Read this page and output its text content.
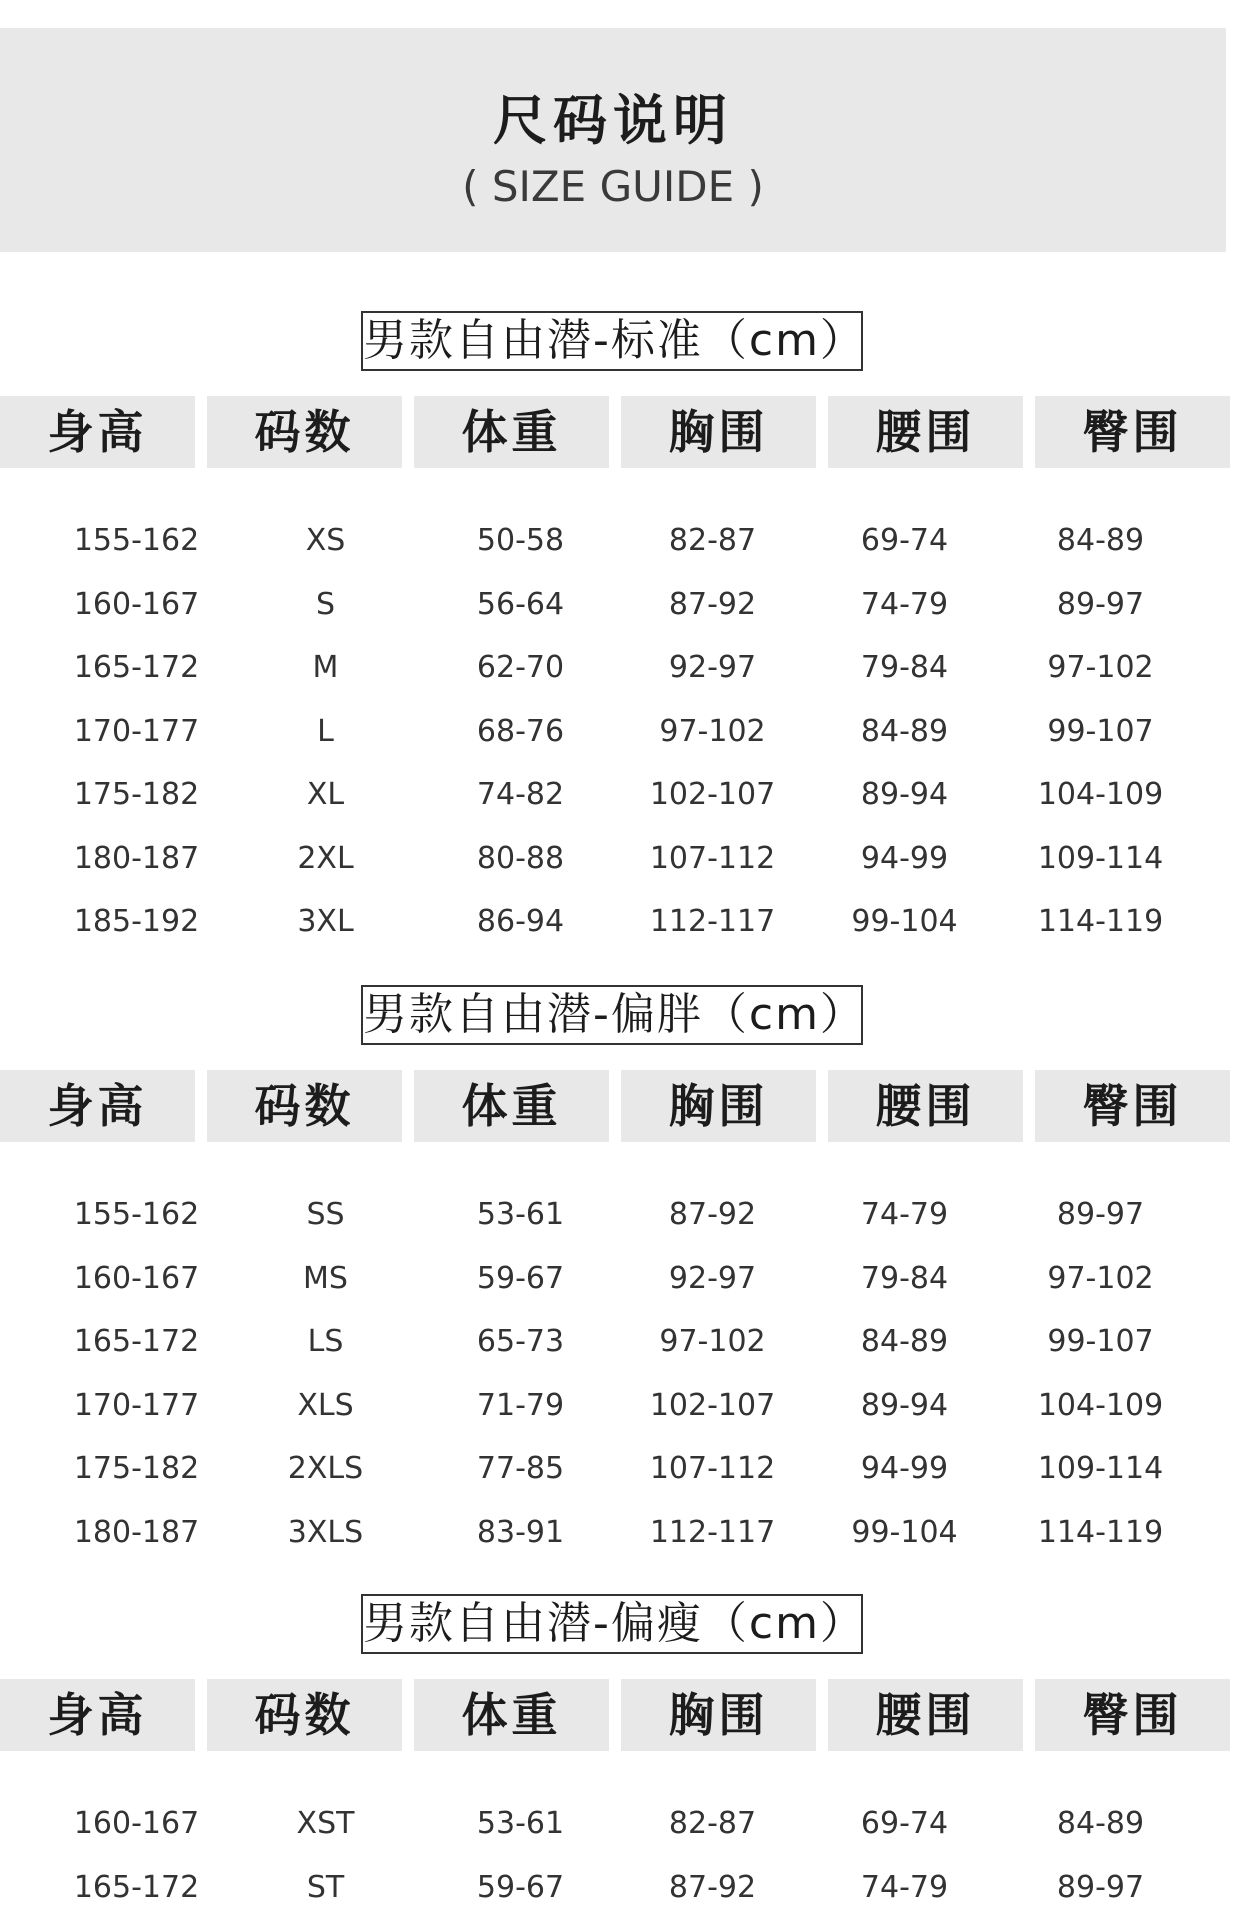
尺码说明
( SIZE GUIDE )
男款自由潜-标准（cm）
身高	码数	体重	胸围	腰围	臀围
155-162	XS	50-58	82-87	69-74	84-89
160-167	S	56-64	87-92	74-79	89-97
165-172	M	62-70	92-97	79-84	97-102
170-177	L	68-76	97-102	84-89	99-107
175-182	XL	74-82	102-107	89-94	104-109
180-187	2XL	80-88	107-112	94-99	109-114
185-192	3XL	86-94	112-117	99-104	114-119
男款自由潜-偏胖（cm）
身高	码数	体重	胸围	腰围	臀围
155-162	SS	53-61	87-92	74-79	89-97
160-167	MS	59-67	92-97	79-84	97-102
165-172	LS	65-73	97-102	84-89	99-107
170-177	XLS	71-79	102-107	89-94	104-109
175-182	2XLS	77-85	107-112	94-99	109-114
180-187	3XLS	83-91	112-117	99-104	114-119
男款自由潜-偏瘦（cm）
身高	码数	体重	胸围	腰围	臀围
160-167	XST	53-61	82-87	69-74	84-89
165-172	ST	59-67	87-92	74-79	89-97
